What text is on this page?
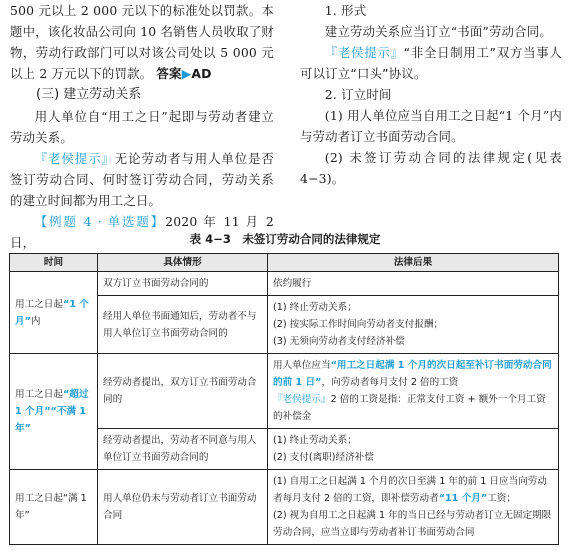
500 元以上 2 000 元以下的标准处以罚款。本题中，该化妆品公司向 10 名销售人员收取了财物，劳动行政部门可以对该公司处以 5 000 元以上 2 万元以下的罚款。 答案▶AD

(三) 建立劳动关系

用人单位自“用工之日”起即与劳动者建立劳动关系。

『老侯提示』无论劳动者与用人单位是否签订劳动合同、何时签订劳动合同，劳动关系的建立时间都为用工之日。

【例题 4 · 单选题】2020 年 11 月 2 日，

1. 形式

建立劳动关系应当订立“书面”劳动合同。

『老侯提示』“非全日制用工”双方当事人可以订立“口头”协议。

2. 订立时间

(1) 用人单位应当自用工之日起“1 个月”内与劳动者订立书面劳动合同。

(2) 未签订劳动合同的法律规定(见表 4−3)。

表 4−3　未签订劳动合同的法律规定
时间	具体情形	法律后果
用工之日起“1 个月”内	双方订立书面劳动合同的	依约履行
	经用人单位书面通知后，劳动者不与用人单位订立书面劳动合同的	(1) 终止劳动关系；
(2) 按实际工作时间向劳动者支付报酬；
(3) 无须向劳动者支付经济补偿

用工之日起“超过 1 个月”“不满 1 年”	经劳动者提出，双方订立书面劳动合同的	用人单位应当“用工之日起满 1 个月的次日起至补订书面劳动合同的前 1 日”，向劳动者每月支付 2 倍的工资
『老侯提示』2 倍的工资是指：正常支付工资 + 额外一个月工资的补偿金

	经劳动者提出，劳动者不同意与用人单位订立书面劳动合同的	(1) 终止劳动关系；
(2) 支付(离职)经济补偿

用工之日起“满 1 年”	用人单位仍未与劳动者订立书面劳动合同	(1) 自用工之日起满 1 个月的次日至满 1 年的前 1 日应当向劳动者每月支付 2 倍的工资，即补偿劳动者“11 个月”工资；
(2) 视为自用工之日起满 1 年的当日已经与劳动者订立无固定期限劳动合同，应当立即与劳动者补订书面劳动合同
